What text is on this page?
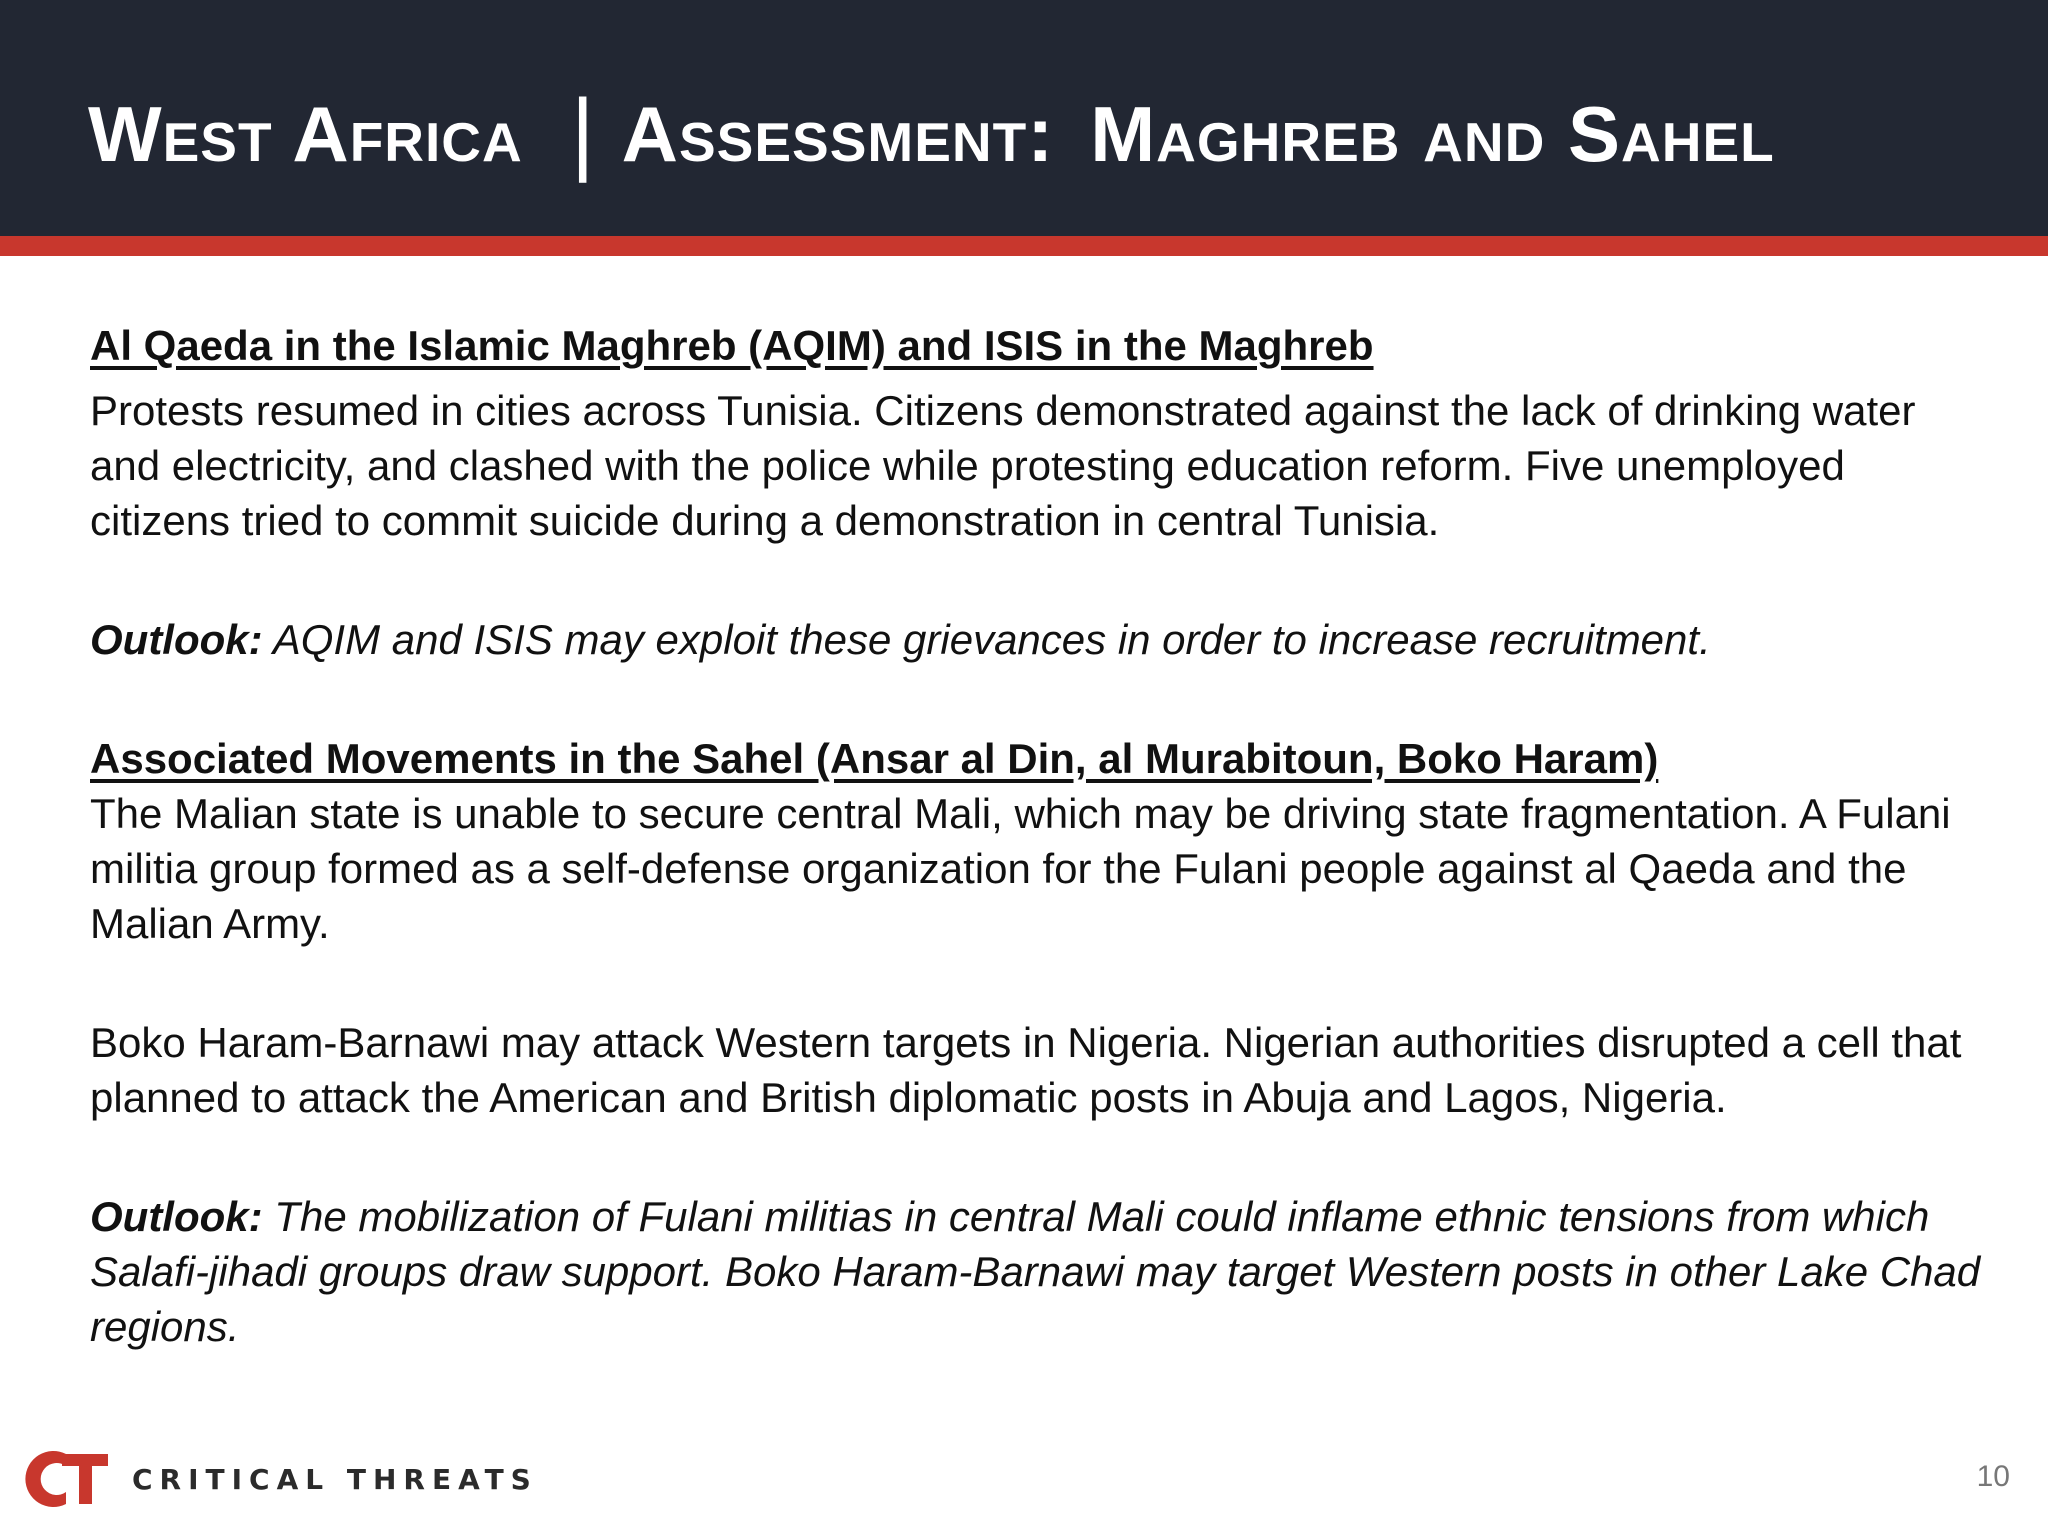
West Africa | Assessment: Maghreb and Sahel

Al Qaeda in the Islamic Maghreb (AQIM) and ISIS in the Maghreb

Protests resumed in cities across Tunisia. Citizens demonstrated against the lack of drinking water and electricity, and clashed with the police while protesting education reform. Five unemployed citizens tried to commit suicide during a demonstration in central Tunisia.

Outlook: AQIM and ISIS may exploit these grievances in order to increase recruitment.

Associated Movements in the Sahel (Ansar al Din, al Murabitoun, Boko Haram)

The Malian state is unable to secure central Mali, which may be driving state fragmentation. A Fulani militia group formed as a self-defense organization for the Fulani people against al Qaeda and the Malian Army.

Boko Haram-Barnawi may attack Western targets in Nigeria. Nigerian authorities disrupted a cell that planned to attack the American and British diplomatic posts in Abuja and Lagos, Nigeria.

Outlook: The mobilization of Fulani militias in central Mali could inflame ethnic tensions from which Salafi-jihadi groups draw support. Boko Haram-Barnawi may target Western posts in other Lake Chad regions.

CRITICAL THREATS	10
